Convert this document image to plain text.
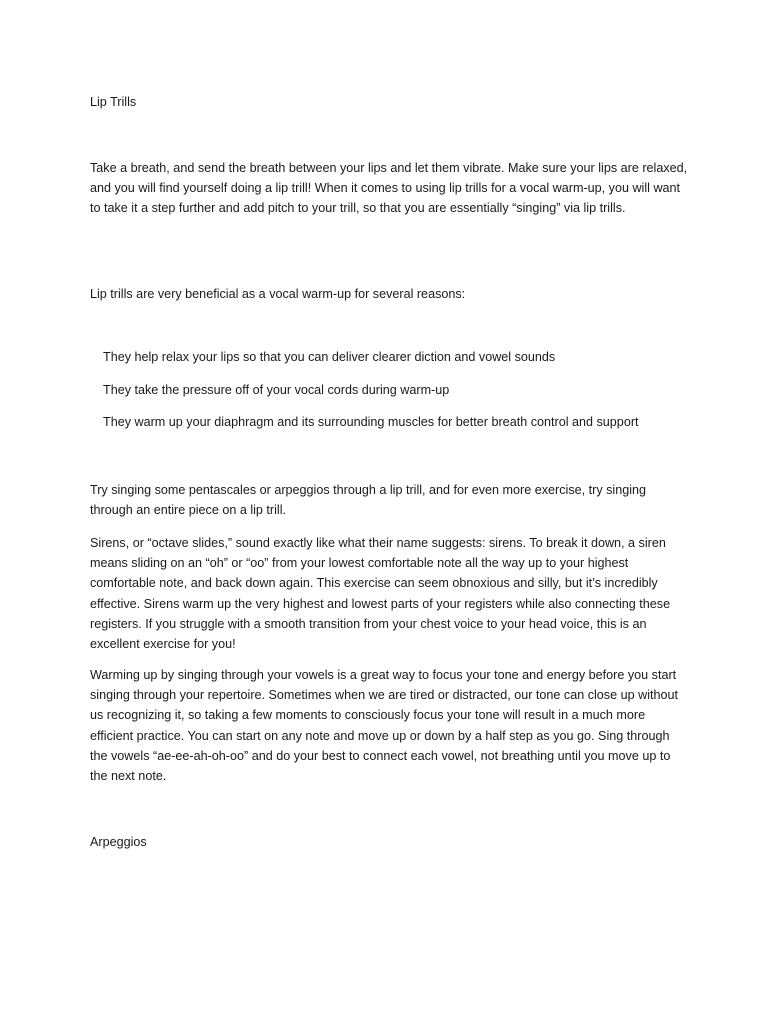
Lip Trills

Take a breath, and send the breath between your lips and let them vibrate. Make sure your lips are relaxed, and you will find yourself doing a lip trill! When it comes to using lip trills for a vocal warm-up, you will want to take it a step further and add pitch to your trill, so that you are essentially “singing” via lip trills.

Lip trills are very beneficial as a vocal warm-up for several reasons:

They help relax your lips so that you can deliver clearer diction and vowel sounds
They take the pressure off of your vocal cords during warm-up
They warm up your diaphragm and its surrounding muscles for better breath control and support

Try singing some pentascales or arpeggios through a lip trill, and for even more exercise, try singing through an entire piece on a lip trill.

Sirens, or “octave slides,” sound exactly like what their name suggests: sirens. To break it down, a siren means sliding on an “oh” or “oo” from your lowest comfortable note all the way up to your highest comfortable note, and back down again. This exercise can seem obnoxious and silly, but it’s incredibly effective. Sirens warm up the very highest and lowest parts of your registers while also connecting these registers. If you struggle with a smooth transition from your chest voice to your head voice, this is an excellent exercise for you!

Warming up by singing through your vowels is a great way to focus your tone and energy before you start singing through your repertoire. Sometimes when we are tired or distracted, our tone can close up without us recognizing it, so taking a few moments to consciously focus your tone will result in a much more efficient practice. You can start on any note and move up or down by a half step as you go. Sing through the vowels “ae-ee-ah-oh-oo” and do your best to connect each vowel, not breathing until you move up to the next note.

Arpeggios
